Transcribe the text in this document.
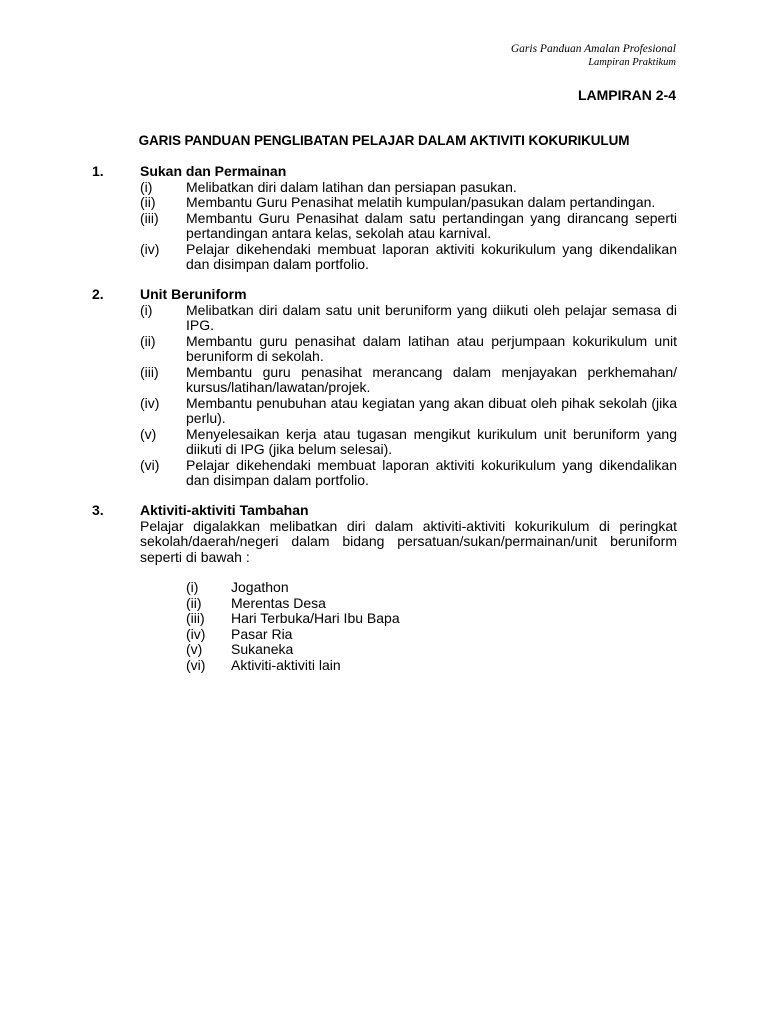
Garis Panduan Amalan Profesional
Lampiran Praktikum
LAMPIRAN 2-4
GARIS PANDUAN PENGLIBATAN PELAJAR DALAM AKTIVITI KOKURIKULUM
1.	Sukan dan Permainan
(i) Melibatkan diri dalam latihan dan persiapan pasukan.
(ii) Membantu Guru Penasihat melatih kumpulan/pasukan dalam pertandingan.
(iii) Membantu Guru Penasihat dalam satu pertandingan yang dirancang seperti pertandingan antara kelas, sekolah atau karnival.
(iv) Pelajar dikehendaki membuat laporan aktiviti kokurikulum yang dikendalikan dan disimpan dalam portfolio.
2.	Unit Beruniform
(i) Melibatkan diri dalam satu unit beruniform yang diikuti oleh pelajar semasa di IPG.
(ii) Membantu guru penasihat dalam latihan atau perjumpaan kokurikulum unit beruniform di sekolah.
(iii) Membantu guru penasihat merancang dalam menjayakan perkhemahan/ kursus/latihan/lawatan/projek.
(iv) Membantu penubuhan atau kegiatan yang akan dibuat oleh pihak sekolah (jika perlu).
(v) Menyelesaikan kerja atau tugasan mengikut kurikulum unit beruniform yang diikuti di IPG (jika belum selesai).
(vi) Pelajar dikehendaki membuat laporan aktiviti kokurikulum yang dikendalikan dan disimpan dalam portfolio.
3.	Aktiviti-aktiviti Tambahan
Pelajar digalakkan melibatkan diri dalam aktiviti-aktiviti kokurikulum di peringkat sekolah/daerah/negeri dalam bidang persatuan/sukan/permainan/unit beruniform seperti di bawah :
(i) Jogathon
(ii) Merentas Desa
(iii) Hari Terbuka/Hari Ibu Bapa
(iv) Pasar Ria
(v) Sukaneka
(vi) Aktiviti-aktiviti lain
